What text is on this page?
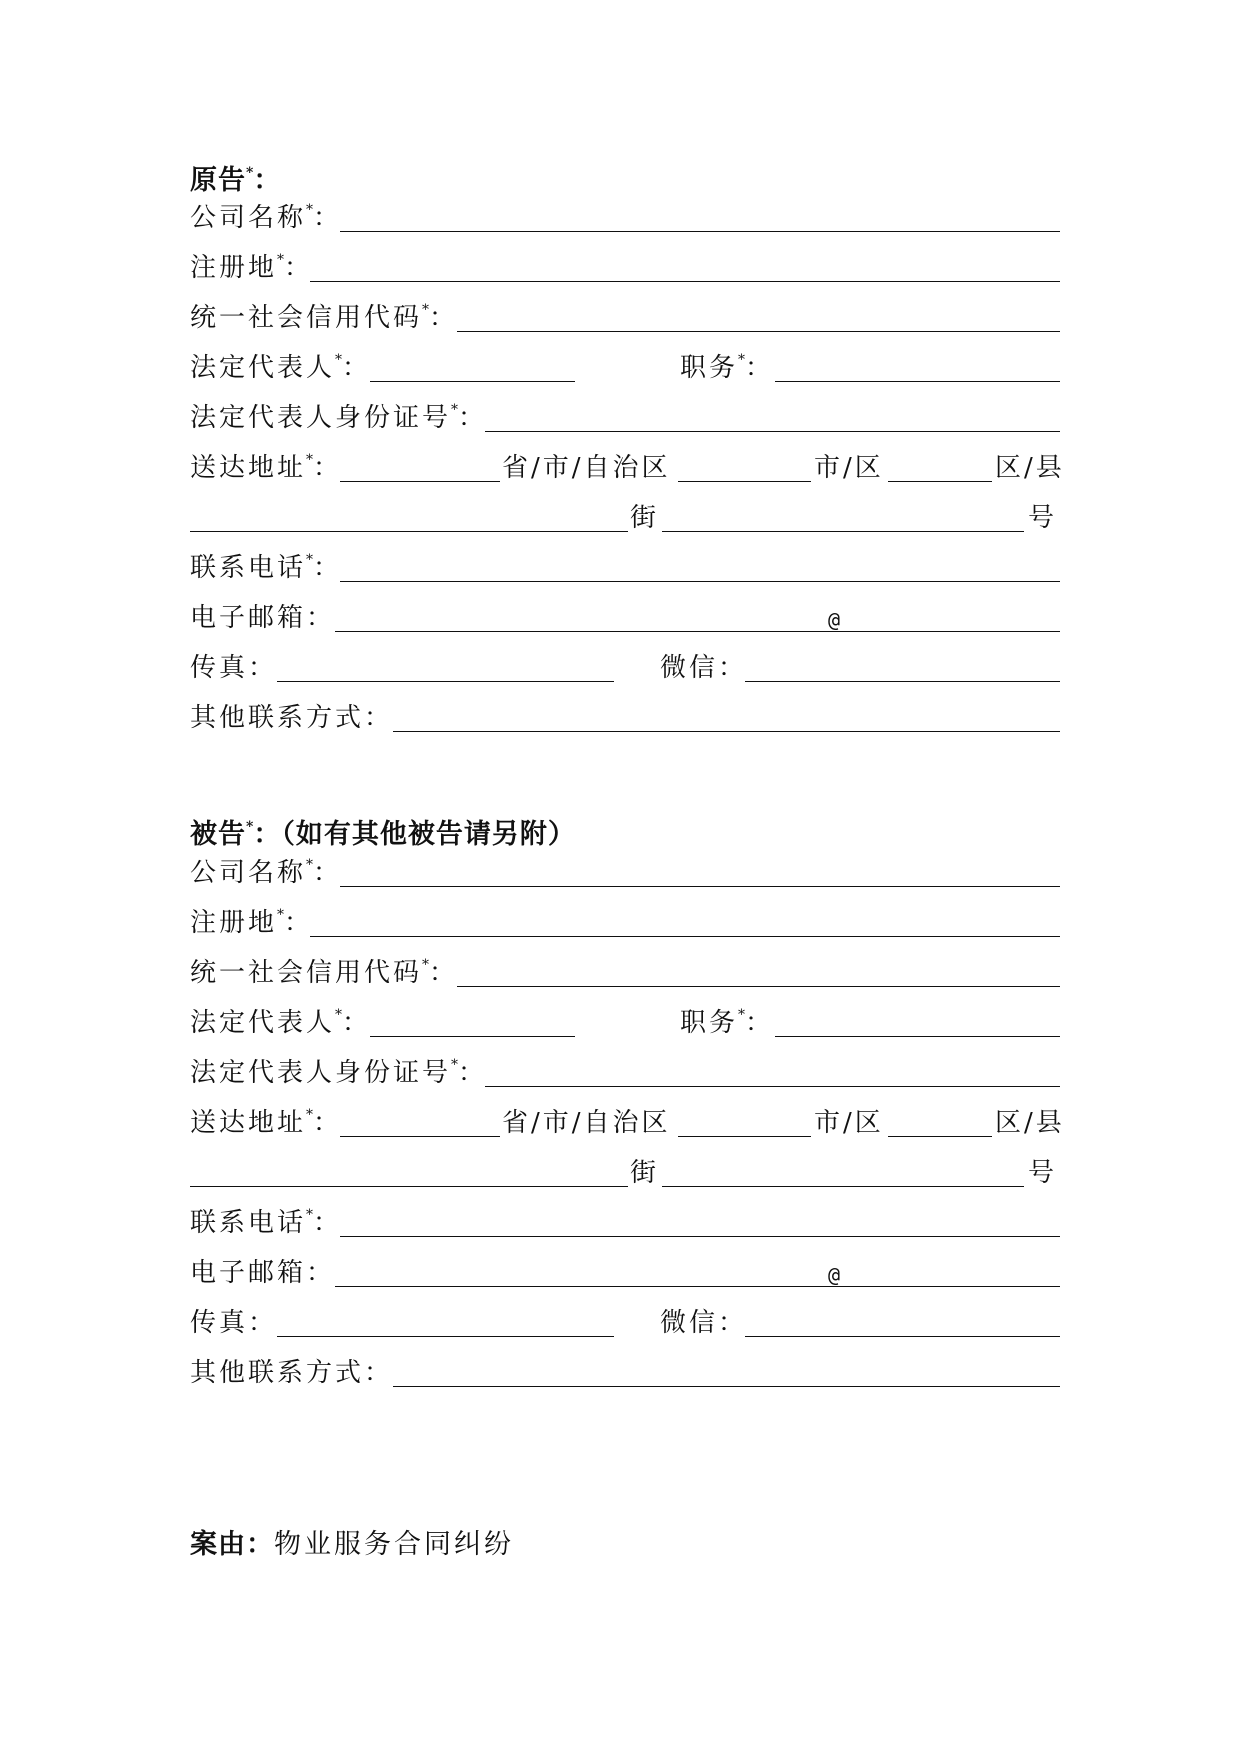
原告*：
公司名称*：
注册地*：
统一社会信用代码*：
法定代表人*：	职务*：
法定代表人身份证号*：
送达地址*：	省/市/自治区	市/区	区/县
街	号
联系电话*：
电子邮箱：	@
传真：	微信：
其他联系方式：
被告*：（如有其他被告请另附）
公司名称*：
注册地*：
统一社会信用代码*：
法定代表人*：	职务*：
法定代表人身份证号*：
送达地址*：	省/市/自治区	市/区	区/县
街	号
联系电话*：
电子邮箱：	@
传真：	微信：
其他联系方式：
案由：物业服务合同纠纷
